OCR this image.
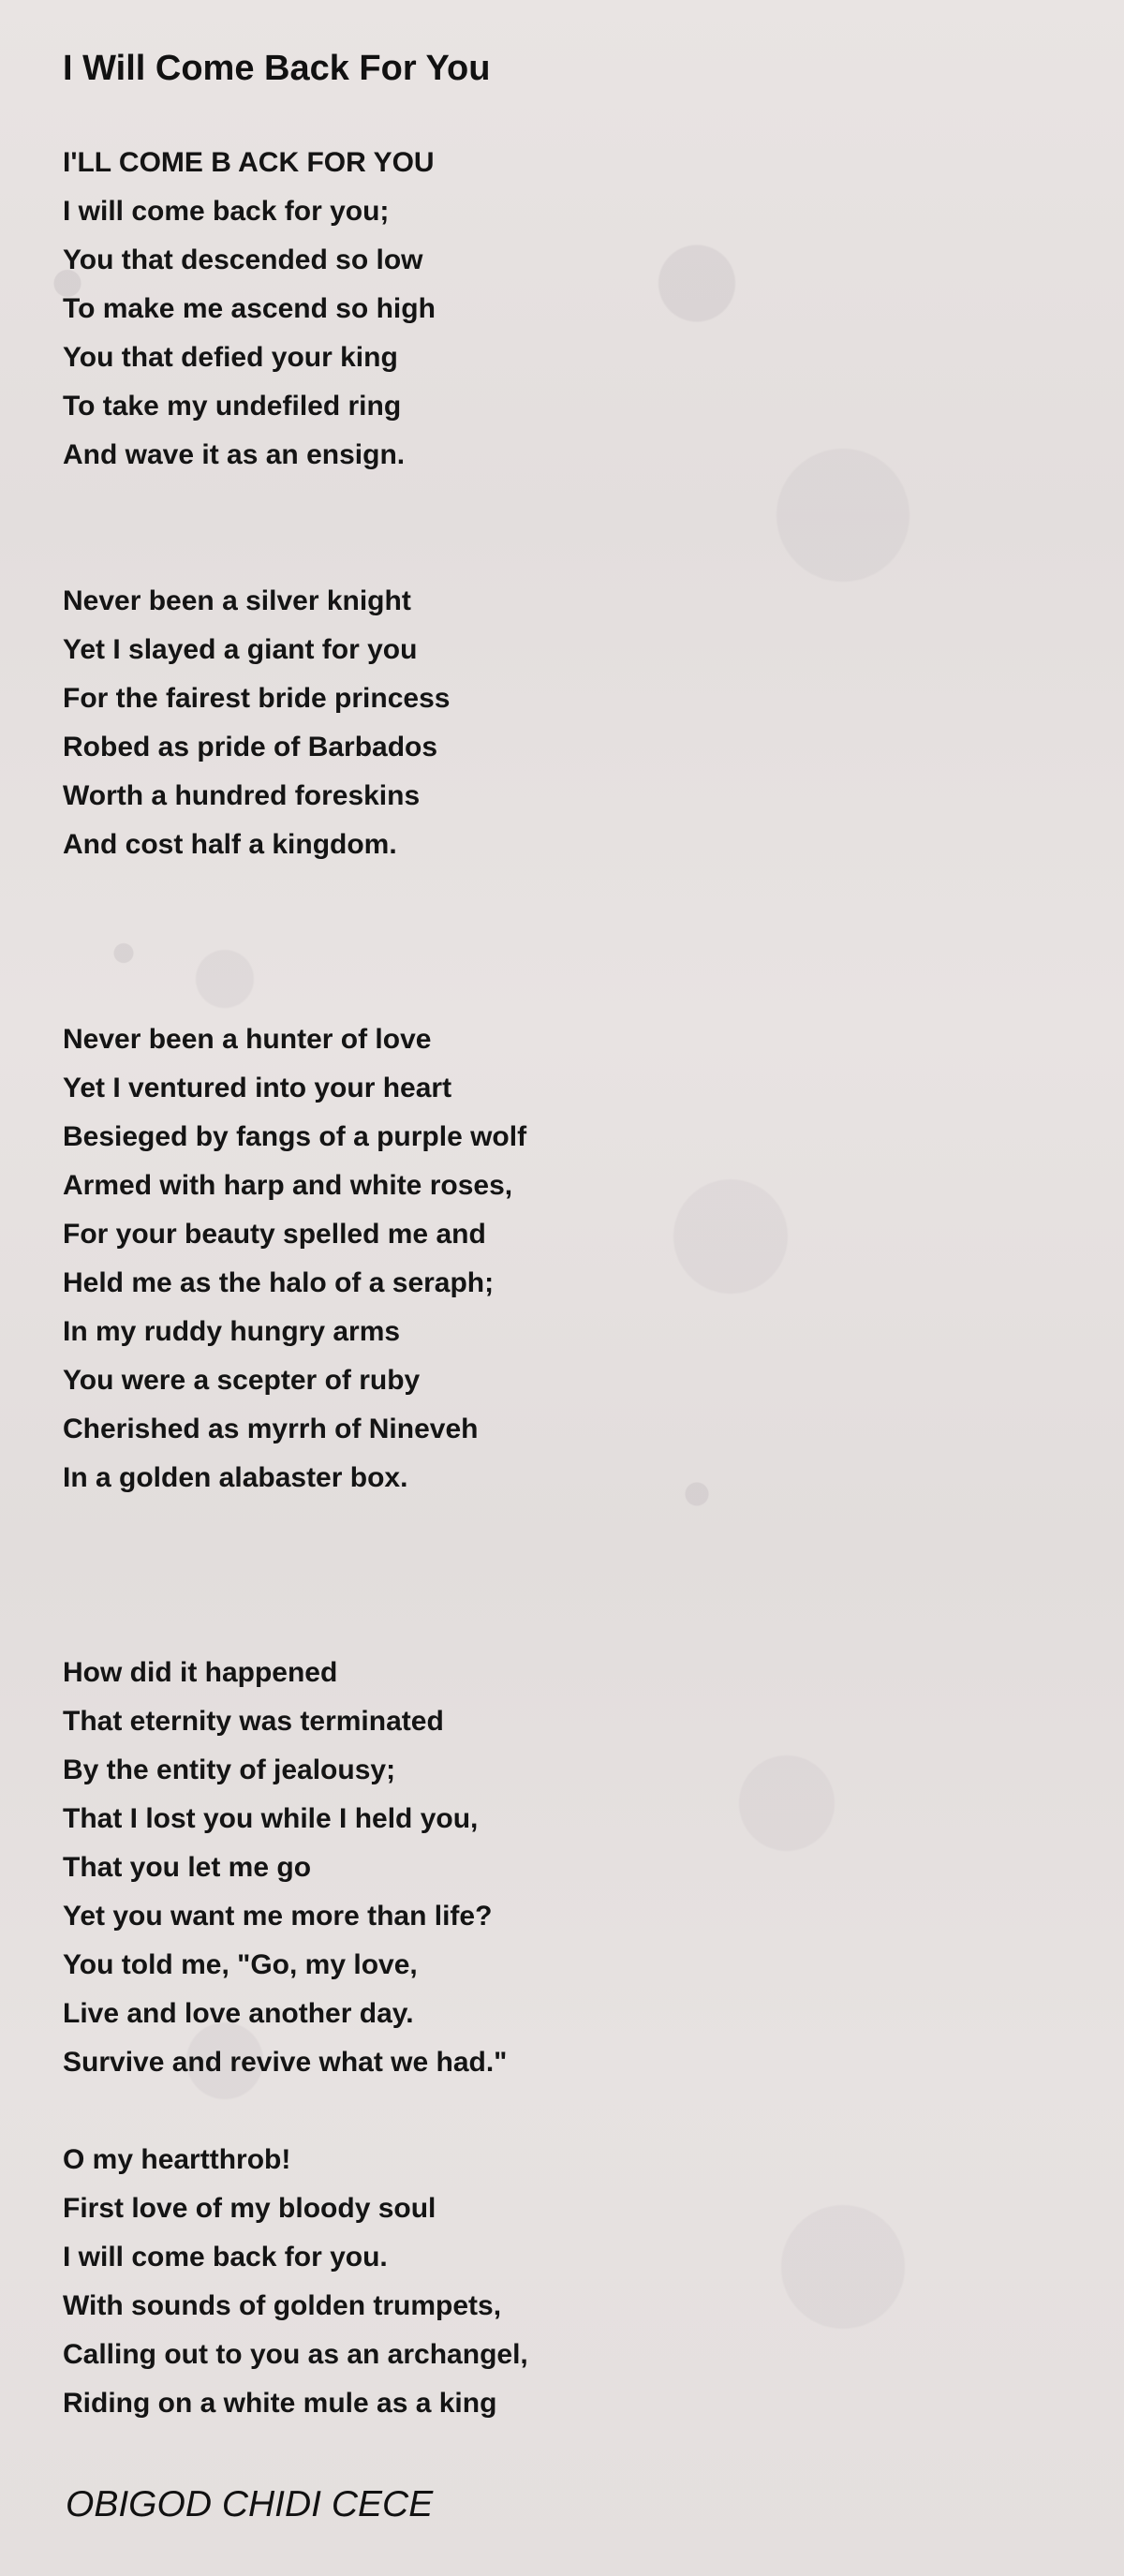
I Will Come Back For You
I'LL COME B ACK FOR YOU
I will come back for you;
You that descended so low
To make me ascend so high
You that defied your king
To take my undefiled ring
And wave it as an ensign.
Never been a silver knight
Yet I slayed a giant for you
For the fairest bride princess
Robed as pride of Barbados
Worth a hundred foreskins
And cost half a kingdom.
Never been a hunter of love
Yet I ventured into your heart
Besieged by fangs of a purple wolf
Armed with harp and white roses,
For your beauty spelled me and
Held me as the halo of a seraph;
In my ruddy hungry arms
You were a scepter of ruby
Cherished as myrrh of Nineveh
In a golden alabaster box.
How did it happened
That eternity was terminated
By the entity of jealousy;
That I lost you while I held you,
That you let me go
Yet you want me more than life?
You told me, "Go, my love,
Live and love another day.
Survive and revive what we had."
O my heartthrob!
First love of my bloody soul
I will come back for you.
With sounds of golden trumpets,
Calling out to you as an archangel,
Riding on a white mule as a king

OBIGOD CHIDI CECE
